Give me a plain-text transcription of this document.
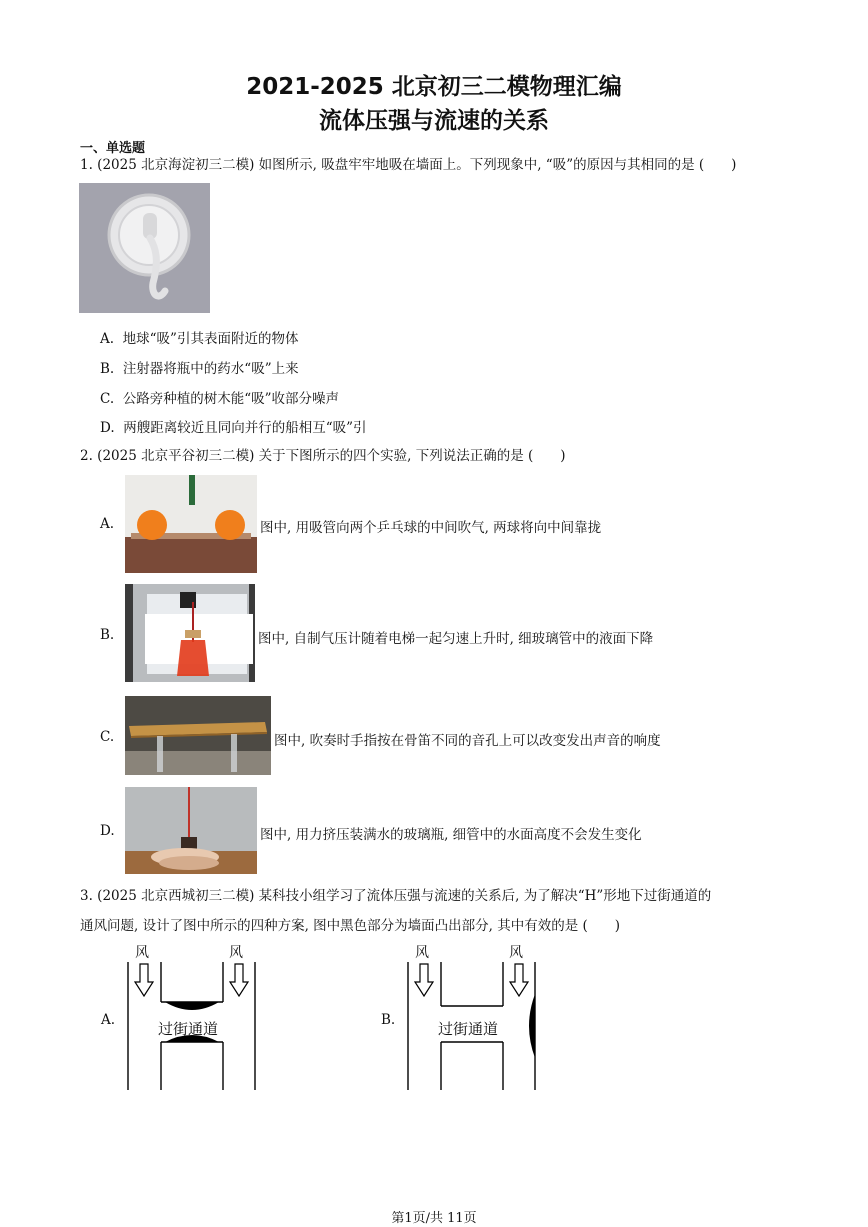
2021-2025 北京初三二模物理汇编
流体压强与流速的关系
一、单选题
1. (2025 北京海淀初三二模) 如图所示, 吸盘牢牢地吸在墙面上。下列现象中, “吸”的原因与其相同的是 (　　)
A. 地球“吸”引其表面附近的物体
B. 注射器将瓶中的药水“吸”上来
C. 公路旁种植的树木能“吸”收部分噪声
D. 两艘距离较近且同向并行的船相互“吸”引
2. (2025 北京平谷初三二模) 关于下图所示的四个实验, 下列说法正确的是 (　　)
A.	图中, 用吸管向两个乒乓球的中间吹气, 两球将向中间靠拢
B.	图中, 自制气压计随着电梯一起匀速上升时, 细玻璃管中的液面下降
C.	图中, 吹奏时手指按在骨笛不同的音孔上可以改变发出声音的响度
D.	图中, 用力挤压装满水的玻璃瓶, 细管中的水面高度不会发生变化
3. (2025 北京西城初三二模) 某科技小组学习了流体压强与流速的关系后, 为了解决“H”形地下过街通道的
通风问题, 设计了图中所示的四种方案, 图中黑色部分为墙面凸出部分, 其中有效的是 (　　)
A.
风	风
过街通道	B.
风	风
过街通道
第1页/共 11页
